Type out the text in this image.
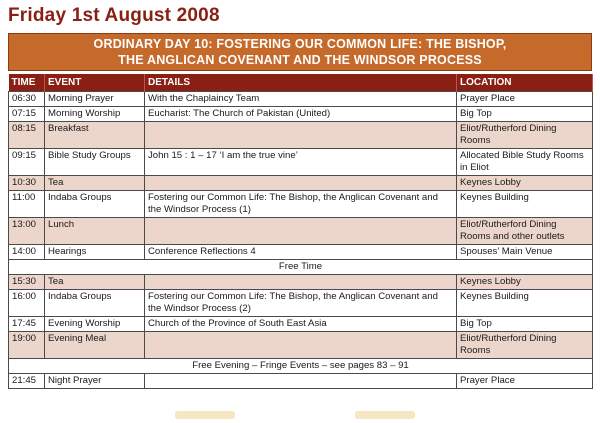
Friday 1st August 2008
ORDINARY DAY 10: FOSTERING OUR COMMON LIFE: THE BISHOP,
THE ANGLICAN COVENANT AND THE WINDSOR PROCESS
TIME	EVENT	DETAILS	LOCATION
06:30	Morning Prayer	With the Chaplaincy Team	Prayer Place
07:15	Morning Worship	Eucharist: The Church of Pakistan (United)	Big Top
08:15	Breakfast		Eliot/Rutherford Dining Rooms
09:15	Bible Study Groups	John 15 : 1 – 17 ‘I am the true vine’	Allocated Bible Study Rooms in Eliot
10:30	Tea		Keynes Lobby
11:00	Indaba Groups	Fostering our Common Life: The Bishop, the Anglican Covenant and the Windsor Process (1)	Keynes Building
13:00	Lunch		Eliot/Rutherford Dining Rooms and other outlets
14:00	Hearings	Conference Reflections 4	Spouses’ Main Venue
Free Time			
15:30	Tea		Keynes Lobby
16:00	Indaba Groups	Fostering our Common Life: The Bishop, the Anglican Covenant and the Windsor Process (2)	Keynes Building
17:45	Evening Worship	Church of the Province of South East Asia	Big Top
19:00	Evening Meal		Eliot/Rutherford Dining Rooms
Free Evening – Fringe Events – see pages 83 – 91			
21:45	Night Prayer		Prayer Place
